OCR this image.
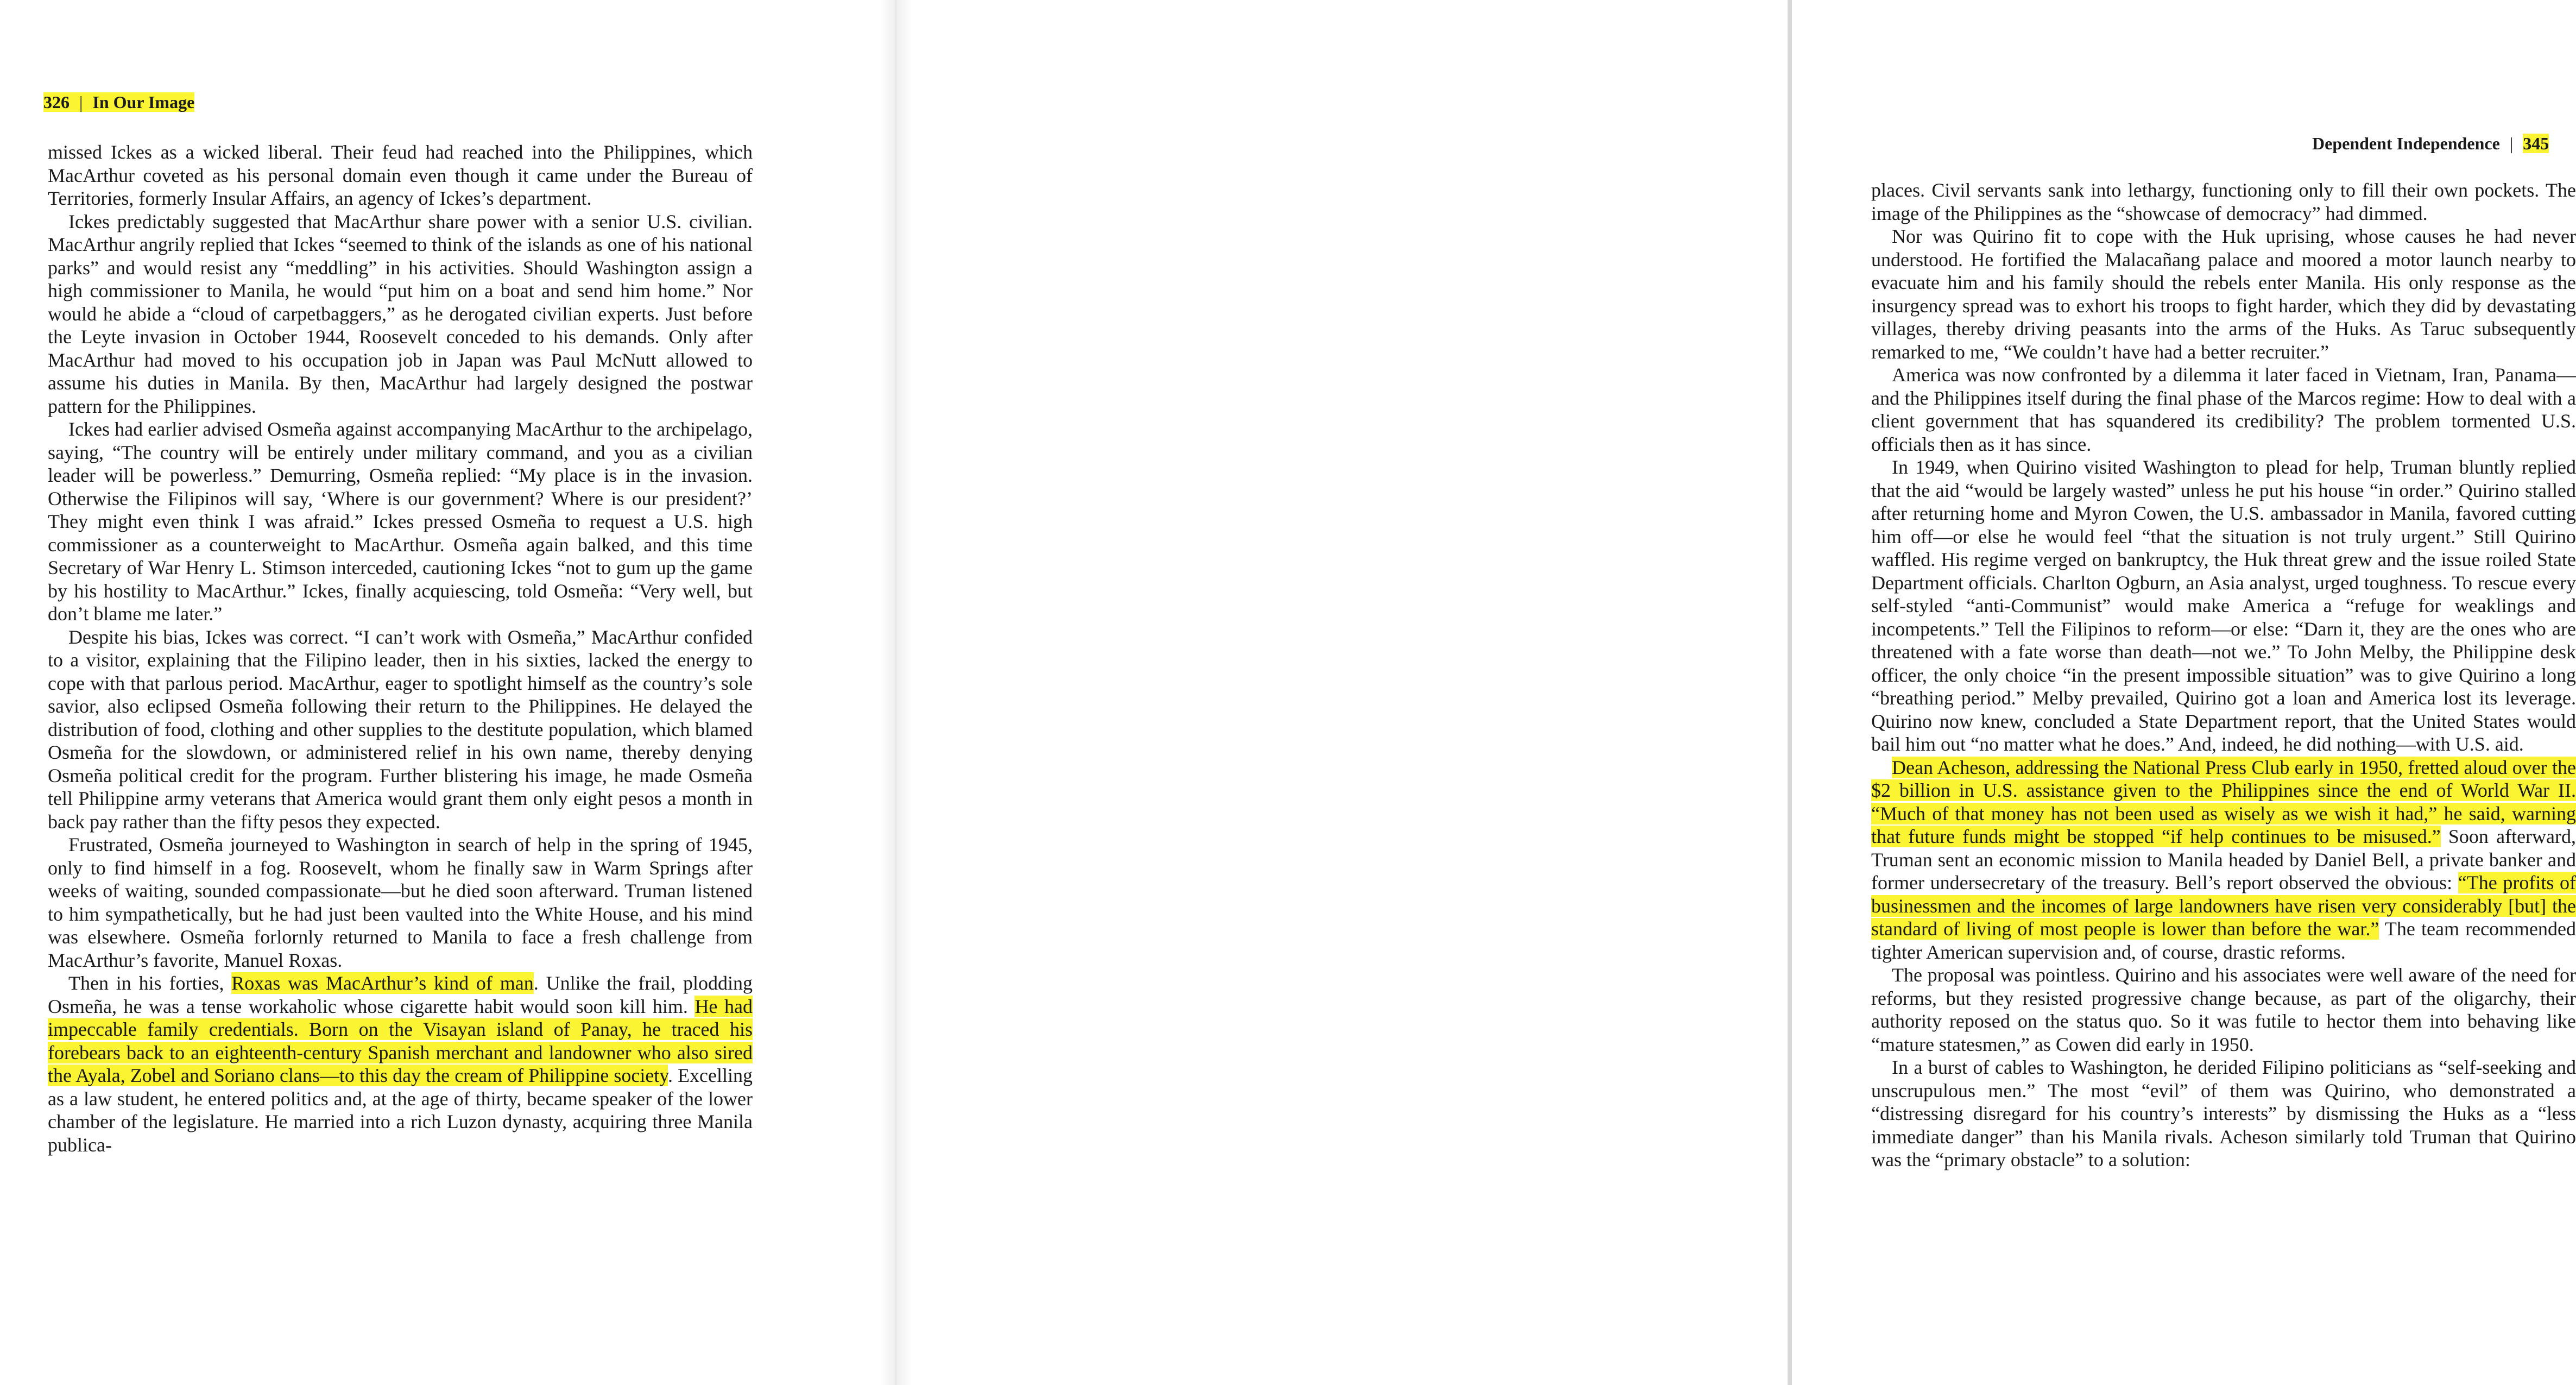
326 | In Our Image

missed Ickes as a wicked liberal. Their feud had reached into the Philippines, which MacArthur coveted as his personal domain even though it came under the Bureau of Territories, formerly Insular Affairs, an agency of Ickes’s department.

Ickes predictably suggested that MacArthur share power with a senior U.S. civilian. MacArthur angrily replied that Ickes “seemed to think of the islands as one of his national parks” and would resist any “meddling” in his activities. Should Washington assign a high commissioner to Manila, he would “put him on a boat and send him home.” Nor would he abide a “cloud of carpetbaggers,” as he derogated civilian experts. Just before the Leyte invasion in October 1944, Roosevelt conceded to his demands. Only after MacArthur had moved to his occupation job in Japan was Paul McNutt allowed to assume his duties in Manila. By then, MacArthur had largely designed the postwar pattern for the Philippines.

Ickes had earlier advised Osmeña against accompanying MacArthur to the archipelago, saying, “The country will be entirely under military command, and you as a civilian leader will be powerless.” Demurring, Osmeña replied: “My place is in the invasion. Otherwise the Filipinos will say, ‘Where is our government? Where is our president?’ They might even think I was afraid.” Ickes pressed Osmeña to request a U.S. high commissioner as a counterweight to MacArthur. Osmeña again balked, and this time Secretary of War Henry L. Stimson interceded, cautioning Ickes “not to gum up the game by his hostility to MacArthur.” Ickes, finally acquiescing, told Osmeña: “Very well, but don’t blame me later.”

Despite his bias, Ickes was correct. “I can’t work with Osmeña,” MacArthur confided to a visitor, explaining that the Filipino leader, then in his sixties, lacked the energy to cope with that parlous period. MacArthur, eager to spotlight himself as the country’s sole savior, also eclipsed Osmeña following their return to the Philippines. He delayed the distribution of food, clothing and other supplies to the destitute population, which blamed Osmeña for the slowdown, or administered relief in his own name, thereby denying Osmeña political credit for the program. Further blistering his image, he made Osmeña tell Philippine army veterans that America would grant them only eight pesos a month in back pay rather than the fifty pesos they expected.

Frustrated, Osmeña journeyed to Washington in search of help in the spring of 1945, only to find himself in a fog. Roosevelt, whom he finally saw in Warm Springs after weeks of waiting, sounded compassionate—but he died soon afterward. Truman listened to him sympathetically, but he had just been vaulted into the White House, and his mind was elsewhere. Osmeña forlornly returned to Manila to face a fresh challenge from MacArthur’s favorite, Manuel Roxas.

Then in his forties, Roxas was MacArthur’s kind of man. Unlike the frail, plodding Osmeña, he was a tense workaholic whose cigarette habit would soon kill him. He had impeccable family credentials. Born on the Visayan island of Panay, he traced his forebears back to an eighteenth-century Spanish merchant and landowner who also sired the Ayala, Zobel and Soriano clans—to this day the cream of Philippine society. Excelling as a law student, he entered politics and, at the age of thirty, became speaker of the lower chamber of the legislature. He married into a rich Luzon dynasty, acquiring three Manila publica-

Dependent Independence | 345

places. Civil servants sank into lethargy, functioning only to fill their own pockets. The image of the Philippines as the “showcase of democracy” had dimmed.

Nor was Quirino fit to cope with the Huk uprising, whose causes he had never understood. He fortified the Malacañang palace and moored a motor launch nearby to evacuate him and his family should the rebels enter Manila. His only response as the insurgency spread was to exhort his troops to fight harder, which they did by devastating villages, thereby driving peasants into the arms of the Huks. As Taruc subsequently remarked to me, “We couldn’t have had a better recruiter.”

America was now confronted by a dilemma it later faced in Vietnam, Iran, Panama—and the Philippines itself during the final phase of the Marcos regime: How to deal with a client government that has squandered its credibility? The problem tormented U.S. officials then as it has since.

In 1949, when Quirino visited Washington to plead for help, Truman bluntly replied that the aid “would be largely wasted” unless he put his house “in order.” Quirino stalled after returning home and Myron Cowen, the U.S. ambassador in Manila, favored cutting him off—or else he would feel “that the situation is not truly urgent.” Still Quirino waffled. His regime verged on bankruptcy, the Huk threat grew and the issue roiled State Department officials. Charlton Ogburn, an Asia analyst, urged toughness. To rescue every self-styled “anti-Communist” would make America a “refuge for weaklings and incompetents.” Tell the Filipinos to reform—or else: “Darn it, they are the ones who are threatened with a fate worse than death—not we.” To John Melby, the Philippine desk officer, the only choice “in the present impossible situation” was to give Quirino a long “breathing period.” Melby prevailed, Quirino got a loan and America lost its leverage. Quirino now knew, concluded a State Department report, that the United States would bail him out “no matter what he does.” And, indeed, he did nothing—with U.S. aid.

Dean Acheson, addressing the National Press Club early in 1950, fretted aloud over the $2 billion in U.S. assistance given to the Philippines since the end of World War II. “Much of that money has not been used as wisely as we wish it had,” he said, warning that future funds might be stopped “if help continues to be misused.” Soon afterward, Truman sent an economic mission to Manila headed by Daniel Bell, a private banker and former undersecretary of the treasury. Bell’s report observed the obvious: “The profits of businessmen and the incomes of large landowners have risen very considerably [but] the standard of living of most people is lower than before the war.” The team recommended tighter American supervision and, of course, drastic reforms.

The proposal was pointless. Quirino and his associates were well aware of the need for reforms, but they resisted progressive change because, as part of the oligarchy, their authority reposed on the status quo. So it was futile to hector them into behaving like “mature statesmen,” as Cowen did early in 1950.

In a burst of cables to Washington, he derided Filipino politicians as “self-seeking and unscrupulous men.” The most “evil” of them was Quirino, who demonstrated a “distressing disregard for his country’s interests” by dismissing the Huks as a “less immediate danger” than his Manila rivals. Acheson similarly told Truman that Quirino was the “primary obstacle” to a solution:
